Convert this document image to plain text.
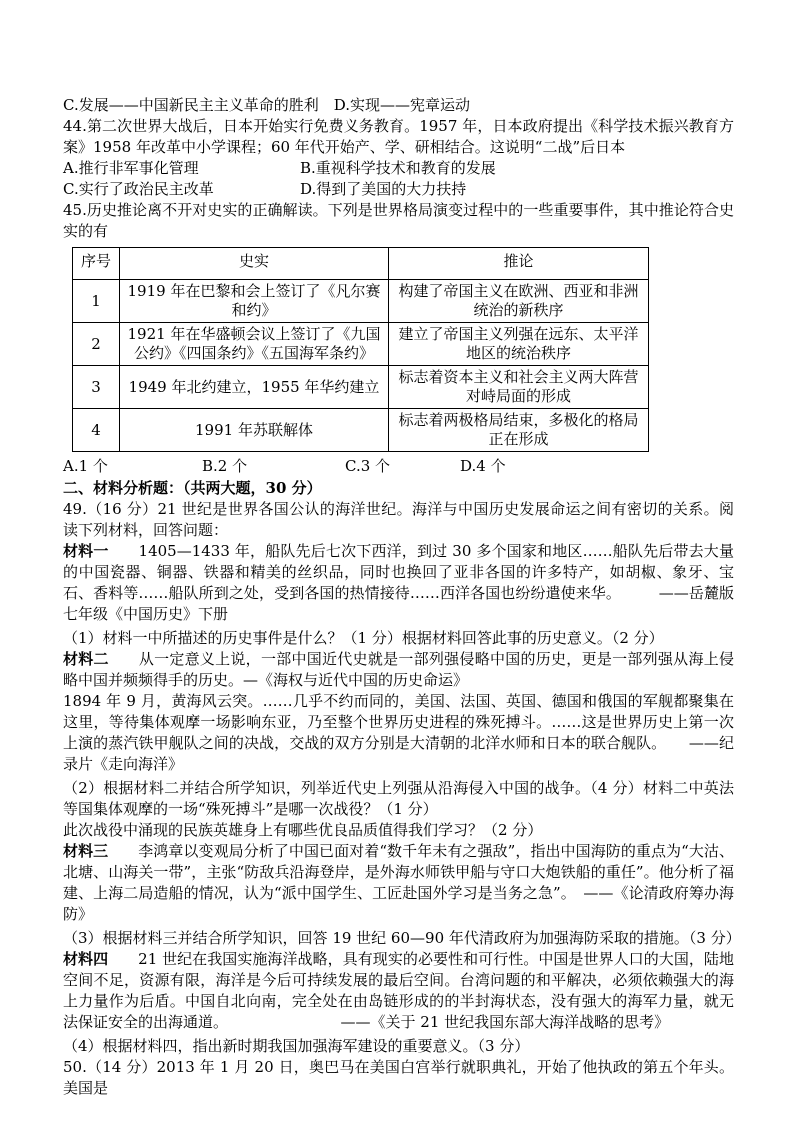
C.发展——中国新民主主义革命的胜利　D.实现——宪章运动
44.第二次世界大战后，日本开始实行免费义务教育。1957 年，日本政府提出《科学技术振兴教育方案》1958 年改革中小学课程；60 年代开始产、学、研相结合。这说明“二战”后日本
A.推行非军事化管理	B.重视科学技术和教育的发展
C.实行了政治民主改革	D.得到了美国的大力扶持
45.历史推论离不开对史实的正确解读。下列是世界格局演变过程中的一些重要事件，其中推论符合史实的有
序号	史实	推论
1	1919 年在巴黎和会上签订了《凡尔赛和约》	构建了帝国主义在欧洲、西亚和非洲统治的新秩序
2	1921 年在华盛顿会议上签订了《九国公约》《四国条约》《五国海军条约》	建立了帝国主义列强在远东、太平洋地区的统治秩序
3	1949 年北约建立，1955 年华约建立	标志着资本主义和社会主义两大阵营对峙局面的形成
4	1991 年苏联解体	标志着两极格局结束，多极化的格局正在形成
A.1 个	B.2 个	C.3 个	D.4 个
二、材料分析题：（共两大题，30 分）
49.（16 分）21 世纪是世界各国公认的海洋世纪。海洋与中国历史发展命运之间有密切的关系。阅读下列材料，回答问题：
材料一 1405—1433 年，船队先后七次下西洋，到过 30 多个国家和地区……船队先后带去大量的中国瓷器、铜器、铁器和精美的丝织品，同时也换回了亚非各国的许多特产，如胡椒、象牙、宝石、香料等……船队所到之处，受到各国的热情接待……西洋各国也纷纷遣使来华。　　　——岳麓版七年级《中国历史》下册
（1）材料一中所描述的历史事件是什么？（1 分）根据材料回答此事的历史意义。（2 分）
材料二 从一定意义上说，一部中国近代史就是一部列强侵略中国的历史，更是一部列强从海上侵略中国并频频得手的历史。—《海权与近代中国的历史命运》
1894 年 9 月，黄海风云突。……几乎不约而同的，美国、法国、英国、德国和俄国的军舰都聚集在这里，等待集体观摩一场影响东亚，乃至整个世界历史进程的殊死搏斗。……这是世界历史上第一次上演的蒸汽铁甲舰队之间的决战，交战的双方分别是大清朝的北洋水师和日本的联合舰队。　　——纪录片《走向海洋》
（2）根据材料二并结合所学知识，列举近代史上列强从沿海侵入中国的战争。（4 分）材料二中英法等国集体观摩的一场“殊死搏斗”是哪一次战役？（1 分）
此次战役中涌现的民族英雄身上有哪些优良品质值得我们学习？（2 分）
材料三 李鸿章以变观局分析了中国已面对着“数千年未有之强敌”，指出中国海防的重点为“大沽、北塘、山海关一带”，主张“防敌兵沿海登岸，是外海水师铁甲船与守口大炮铁船的重任”。他分析了福建、上海二局造船的情况，认为“派中国学生、工匠赴国外学习是当务之急”。　——《论清政府筹办海防》
（3）根据材料三并结合所学知识，回答 19 世纪 60—90 年代清政府为加强海防采取的措施。（3 分）
材料四 21 世纪在我国实施海洋战略，具有现实的必要性和可行性。中国是世界人口的大国，陆地空间不足，资源有限，海洋是今后可持续发展的最后空间。台湾问题的和平解决，必须依赖强大的海上力量作为后盾。中国自北向南，完全处在由岛链形成的的半封海状态，没有强大的海军力量，就无法保证安全的出海通道。　　　　　　　　——《关于 21 世纪我国东部大海洋战略的思考》
（4）根据材料四，指出新时期我国加强海军建设的重要意义。（3 分）
50.（14 分）2013 年 1 月 20 日，奥巴马在美国白宫举行就职典礼，开始了他执政的第五个年头。美国是
